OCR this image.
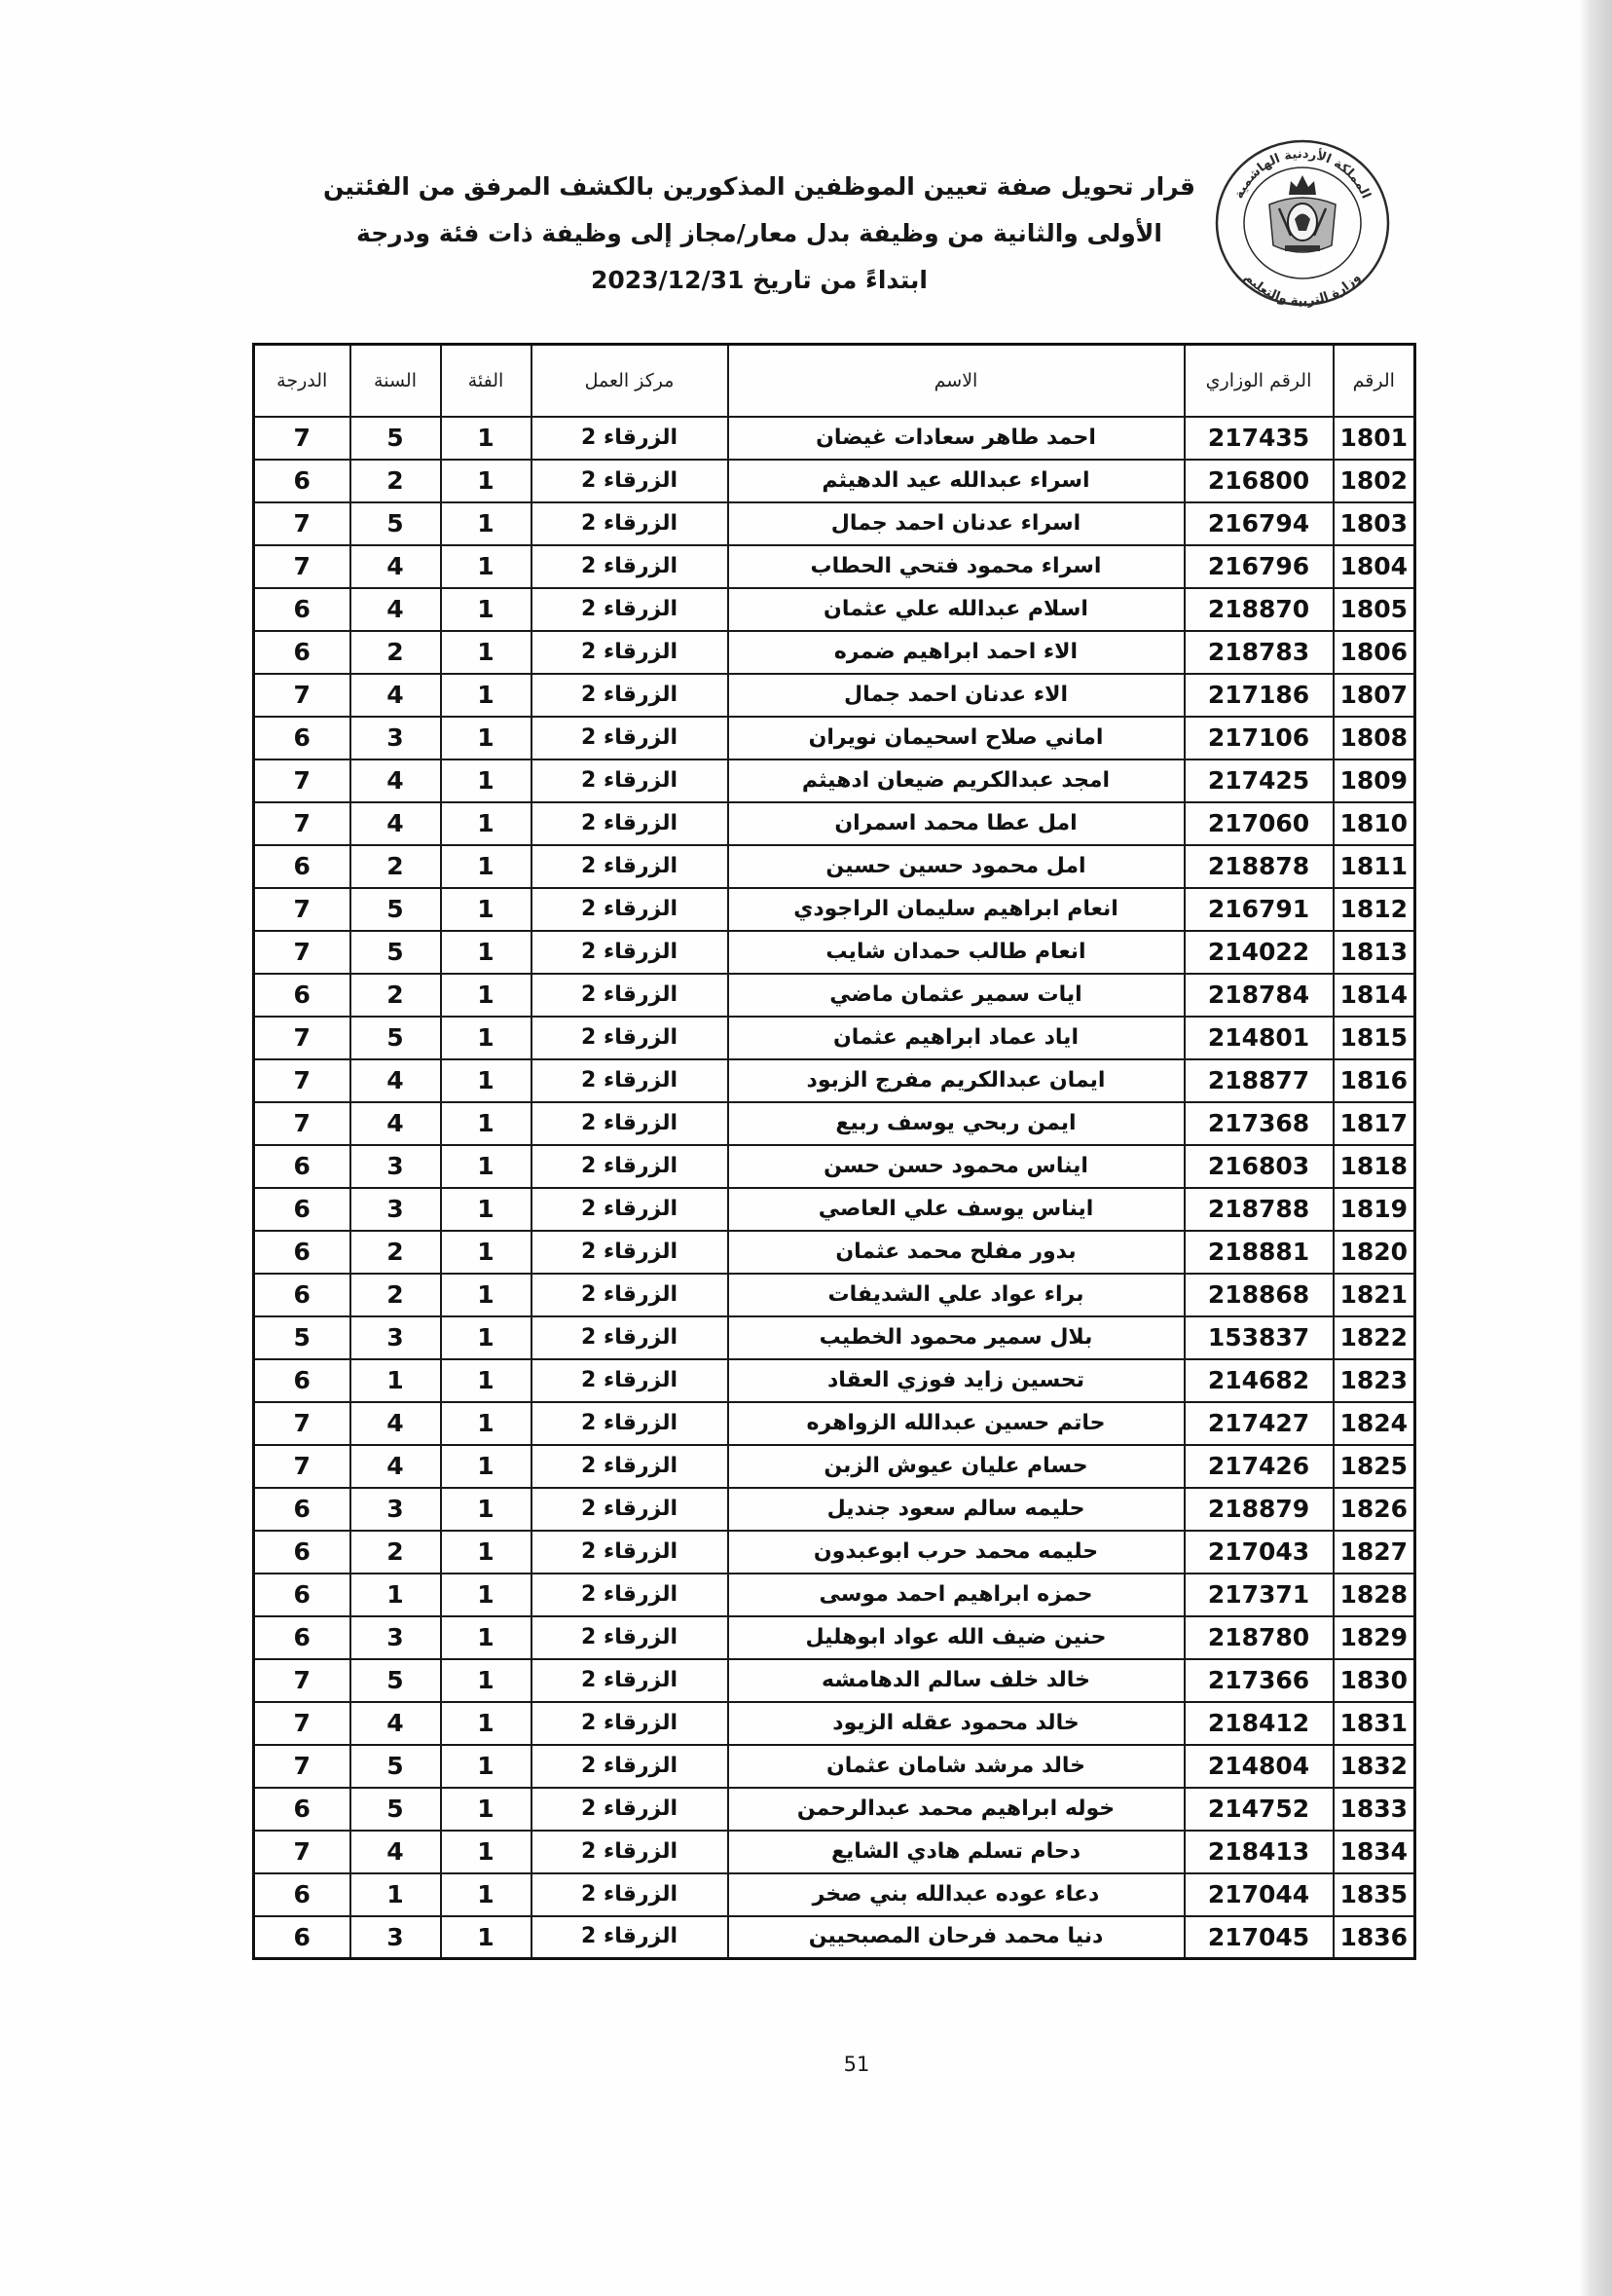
المملكة الأردنية الهاشمية
وزارة التربية والتعليم
قرار تحويل صفة تعيين الموظفين المذكورين بالكشف المرفق من الفئتين
الأولى والثانية من وظيفة بدل معار/مجاز إلى وظيفة ذات فئة ودرجة
ابتداءً من تاريخ 2023/12/31
الرقم	الرقم الوزاري	الاسم	مركز العمل	الفئة	السنة	الدرجة
1801	217435	احمد طاهر سعادات غيضان	الزرقاء 2	1	5	7
1802	216800	اسراء عبدالله عيد الدهيثم	الزرقاء 2	1	2	6
1803	216794	اسراء عدنان احمد جمال	الزرقاء 2	1	5	7
1804	216796	اسراء محمود فتحي الحطاب	الزرقاء 2	1	4	7
1805	218870	اسلام عبدالله علي عثمان	الزرقاء 2	1	4	6
1806	218783	الاء احمد ابراهيم ضمره	الزرقاء 2	1	2	6
1807	217186	الاء عدنان احمد جمال	الزرقاء 2	1	4	7
1808	217106	اماني صلاح اسحيمان نويران	الزرقاء 2	1	3	6
1809	217425	امجد عبدالكريم ضيعان ادهيثم	الزرقاء 2	1	4	7
1810	217060	امل عطا محمد اسمران	الزرقاء 2	1	4	7
1811	218878	امل محمود حسين حسين	الزرقاء 2	1	2	6
1812	216791	انعام ابراهيم سليمان الراجودي	الزرقاء 2	1	5	7
1813	214022	انعام طالب حمدان شايب	الزرقاء 2	1	5	7
1814	218784	ايات سمير عثمان ماضي	الزرقاء 2	1	2	6
1815	214801	اياد عماد ابراهيم عثمان	الزرقاء 2	1	5	7
1816	218877	ايمان عبدالكريم مفرج الزبود	الزرقاء 2	1	4	7
1817	217368	ايمن ربحي يوسف ربيع	الزرقاء 2	1	4	7
1818	216803	ايناس محمود حسن حسن	الزرقاء 2	1	3	6
1819	218788	ايناس يوسف علي العاصي	الزرقاء 2	1	3	6
1820	218881	بدور مفلح محمد عثمان	الزرقاء 2	1	2	6
1821	218868	براء عواد علي الشديفات	الزرقاء 2	1	2	6
1822	153837	بلال سمير محمود الخطيب	الزرقاء 2	1	3	5
1823	214682	تحسين زايد فوزي العقاد	الزرقاء 2	1	1	6
1824	217427	حاتم حسين عبدالله الزواهره	الزرقاء 2	1	4	7
1825	217426	حسام عليان عيوش الزبن	الزرقاء 2	1	4	7
1826	218879	حليمه سالم سعود جنديل	الزرقاء 2	1	3	6
1827	217043	حليمه محمد حرب ابوعبدون	الزرقاء 2	1	2	6
1828	217371	حمزه ابراهيم احمد موسى	الزرقاء 2	1	1	6
1829	218780	حنين ضيف الله عواد ابوهليل	الزرقاء 2	1	3	6
1830	217366	خالد خلف سالم الدهامشه	الزرقاء 2	1	5	7
1831	218412	خالد محمود عقله الزيود	الزرقاء 2	1	4	7
1832	214804	خالد مرشد شامان عثمان	الزرقاء 2	1	5	7
1833	214752	خوله ابراهيم محمد عبدالرحمن	الزرقاء 2	1	5	6
1834	218413	دحام تسلم هادي الشايع	الزرقاء 2	1	4	7
1835	217044	دعاء عوده عبدالله بني صخر	الزرقاء 2	1	1	6
1836	217045	دنيا محمد فرحان المصبحيين	الزرقاء 2	1	3	6
51
